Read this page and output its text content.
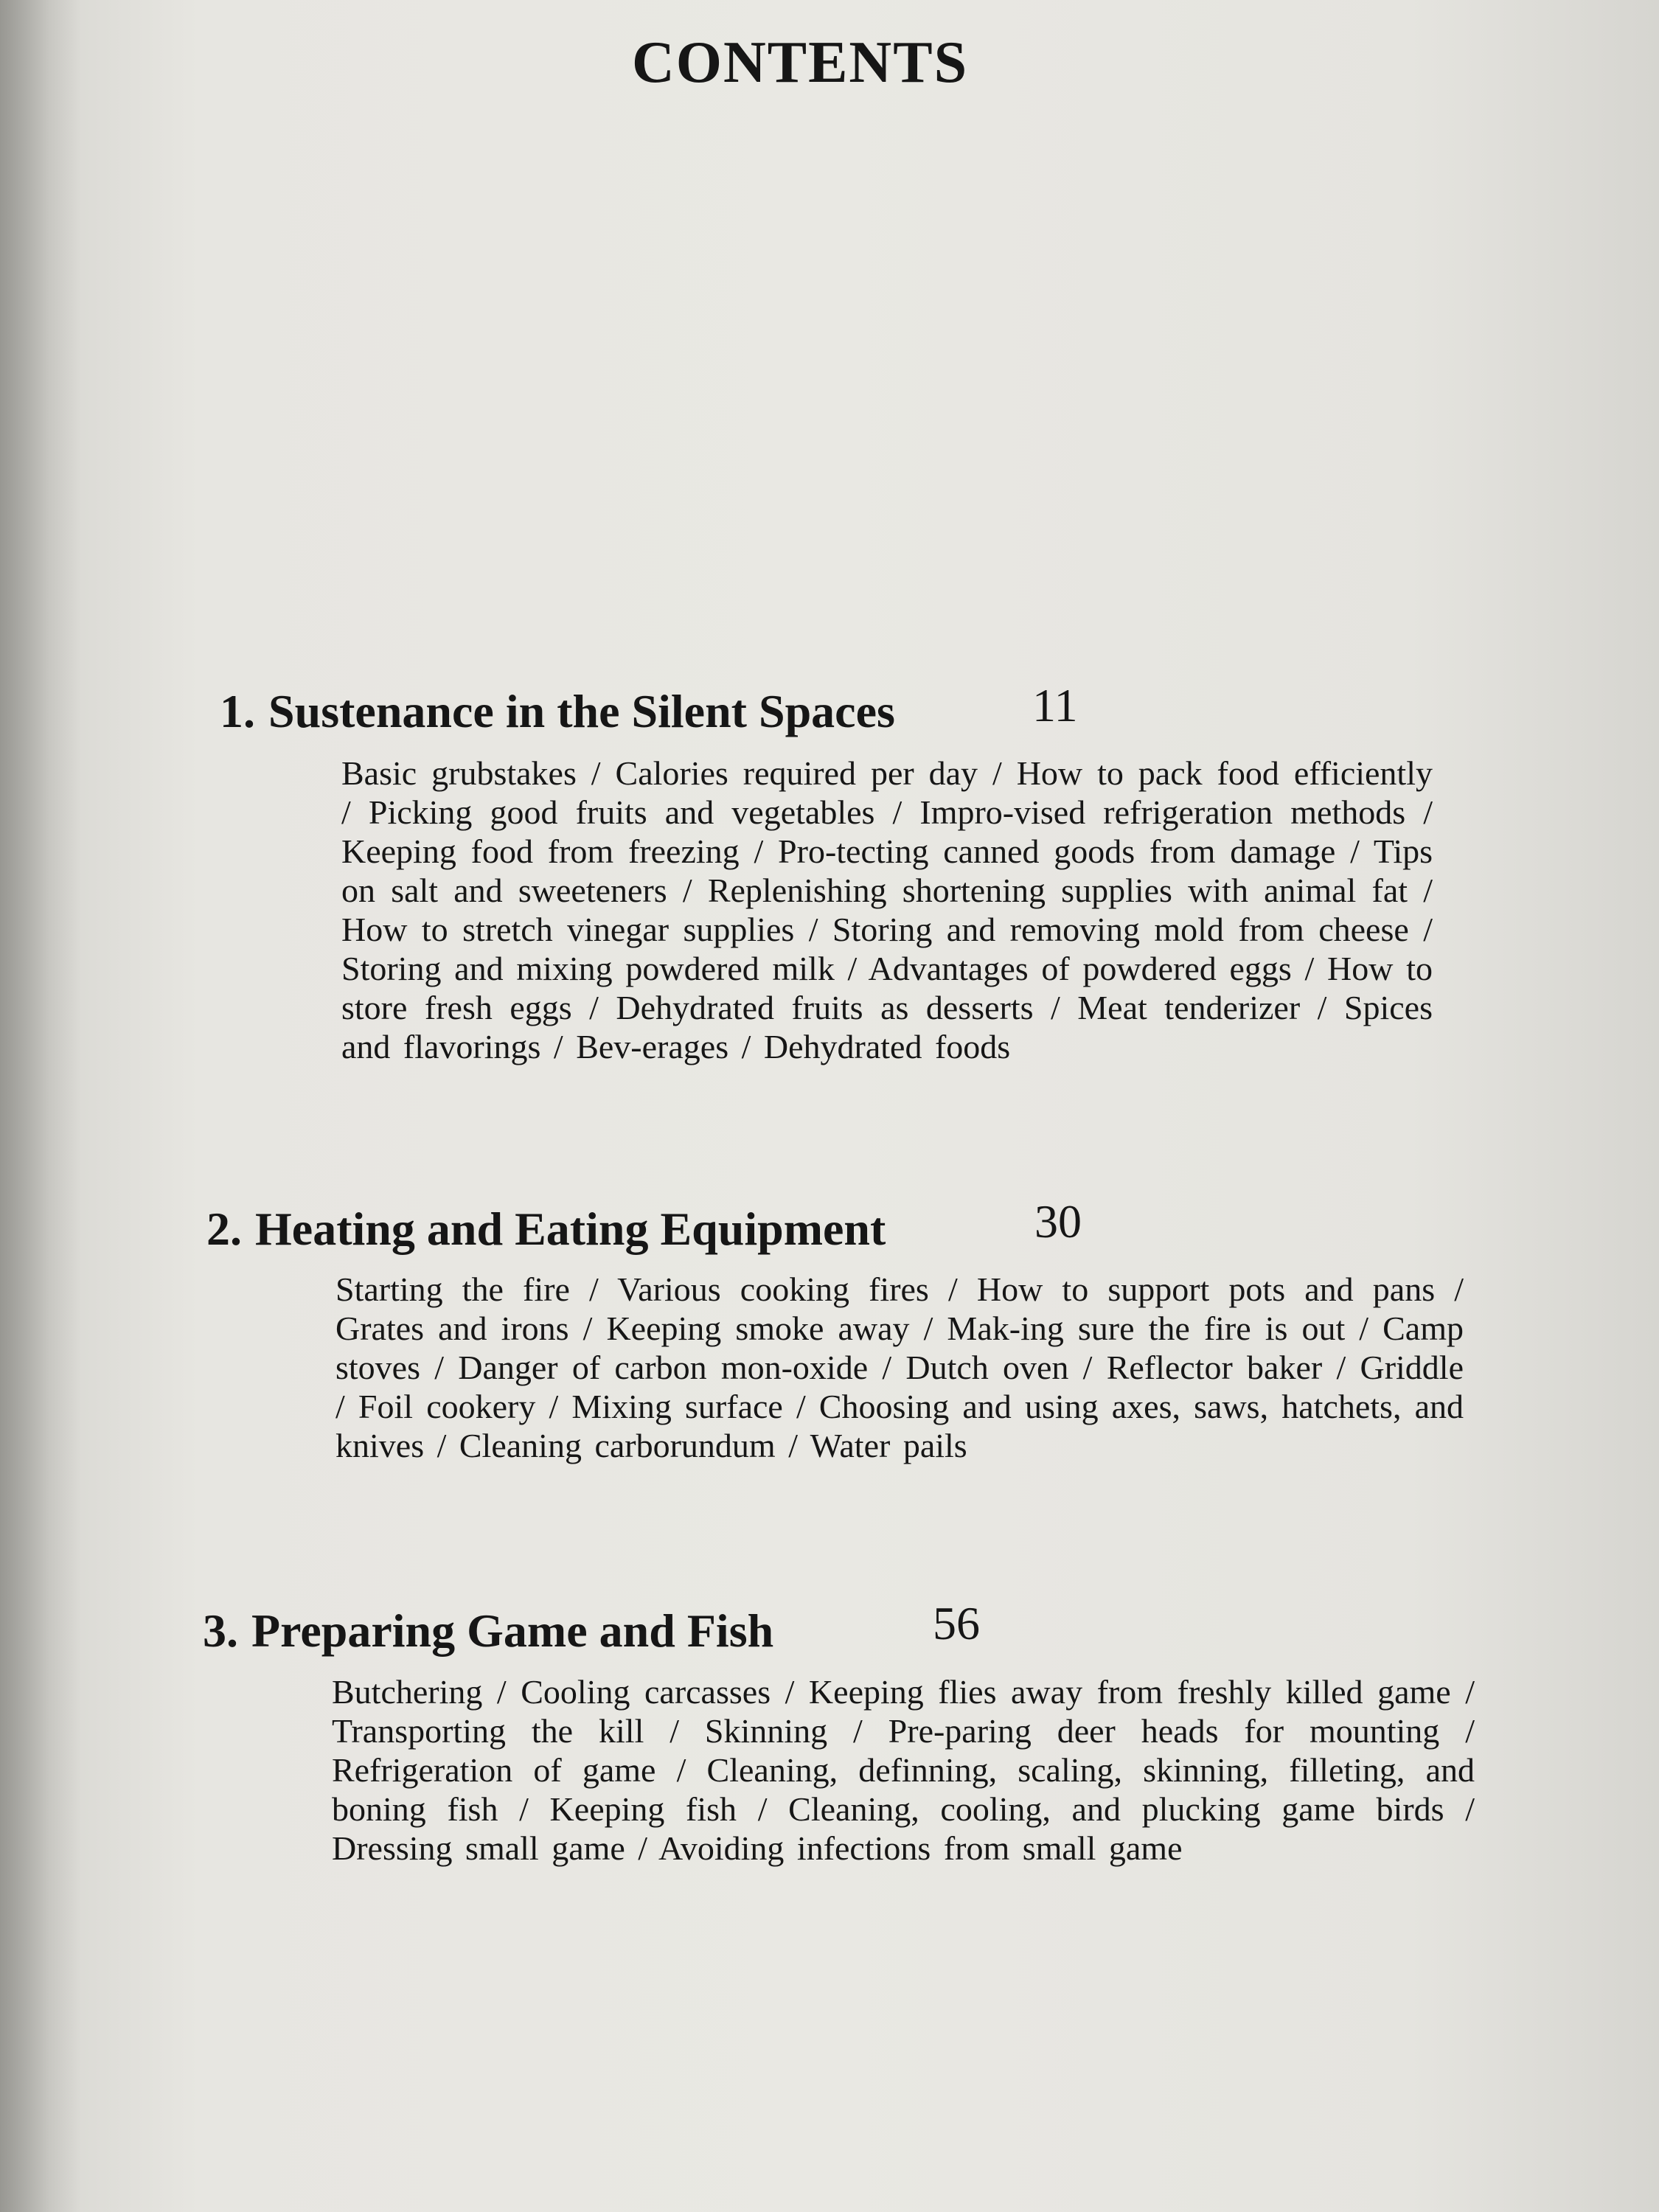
CONTENTS
1. Sustenance in the Silent Spaces	11
Basic grubstakes / Calories required per day / How to pack food efficiently / Picking good fruits and vegetables / Impro-vised refrigeration methods / Keeping food from freezing / Pro-tecting canned goods from damage / Tips on salt and sweeteners / Replenishing shortening supplies with animal fat / How to stretch vinegar supplies / Storing and removing mold from cheese / Storing and mixing powdered milk / Advantages of powdered eggs / How to store fresh eggs / Dehydrated fruits as desserts / Meat tenderizer / Spices and flavorings / Bev-erages / Dehydrated foods
2. Heating and Eating Equipment	30
Starting the fire / Various cooking fires / How to support pots and pans / Grates and irons / Keeping smoke away / Mak-ing sure the fire is out / Camp stoves / Danger of carbon mon-oxide / Dutch oven / Reflector baker / Griddle / Foil cookery / Mixing surface / Choosing and using axes, saws, hatchets, and knives / Cleaning carborundum / Water pails
3. Preparing Game and Fish	56
Butchering / Cooling carcasses / Keeping flies away from freshly killed game / Transporting the kill / Skinning / Pre-paring deer heads for mounting / Refrigeration of game / Cleaning, definning, scaling, skinning, filleting, and boning fish / Keeping fish / Cleaning, cooling, and plucking game birds / Dressing small game / Avoiding infections from small game
